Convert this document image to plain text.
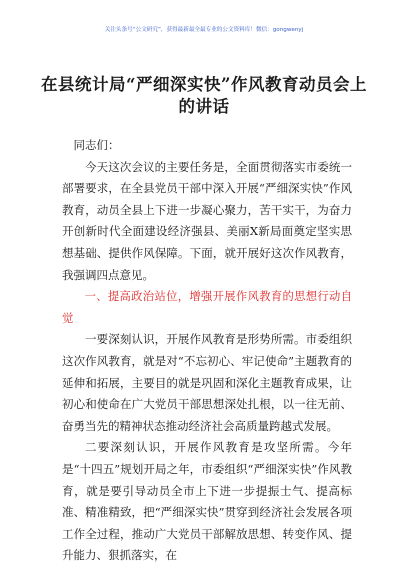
关注头条号“公文研究”，获得最新最全最专业的公文资料库！微信：gongwenyj
在县统计局“严细深实快”作风教育动员会上
的讲话

同志们：

今天这次会议的主要任务是，全面贯彻落实市委统一部署要求，在全县党员干部中深入开展“严细深实快”作风教育，动员全县上下进一步凝心聚力，苦干实干，为奋力开创新时代全面建设经济强县、美丽X新局面奠定坚实思想基础、提供作风保障。下面，就开展好这次作风教育，我强调四点意见。

一、提高政治站位，增强开展作风教育的思想行动自觉

一要深刻认识，开展作风教育是形势所需。市委组织这次作风教育，就是对“不忘初心、牢记使命”主题教育的延伸和拓展，主要目的就是巩固和深化主题教育成果，让初心和使命在广大党员干部思想深处扎根，以一往无前、奋勇当先的精神状态推动经济社会高质量跨越式发展。

二要深刻认识，开展作风教育是攻坚所需。今年是“十四五”规划开局之年，市委组织“严细深实快”作风教育，就是要引导动员全市上下进一步提振士气、提高标准、精准精致，把“严细深实快”贯穿到经济社会发展各项工作全过程，推动广大党员干部解放思想、转变作风、提升能力、狠抓落实，在
